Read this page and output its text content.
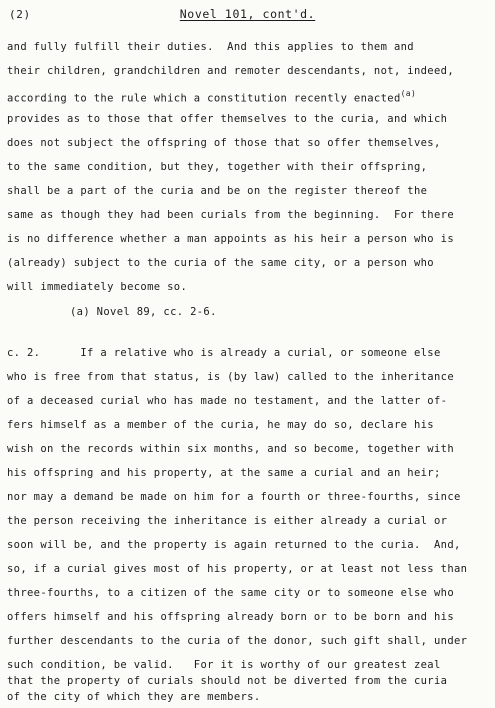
(2)	Novel 101, cont'd.
and fully fulfill their duties.  And this applies to them and
their children, grandchildren and remoter descendants, not, indeed,
according to the rule which a constitution recently enacted$^{(a)}$
provides as to those that offer themselves to the curia, and which
does not subject the offspring of those that so offer themselves,
to the same condition, but they, together with their offspring,
shall be a part of the curia and be on the register thereof the
same as though they had been curials from the beginning.  For there
is no difference whether a man appoints as his heir a person who is
(already) subject to the curia of the same city, or a person who
will immediately become so.
(a) Novel 89, cc. 2-6.
c. 2.      If a relative who is already a curial, or someone else
who is free from that status, is (by law) called to the inheritance
of a deceased curial who has made no testament, and the latter of-
fers himself as a member of the curia, he may do so, declare his
wish on the records within six months, and so become, together with
his offspring and his property, at the same a curial and an heir;
nor may a demand be made on him for a fourth or three-fourths, since
the person receiving the inheritance is either already a curial or
soon will be, and the property is again returned to the curia.  And,
so, if a curial gives most of his property, or at least not less than
three-fourths, to a citizen of the same city or to someone else who
offers himself and his offspring already born or to be born and his
further descendants to the curia of the donor, such gift shall, under
such condition, be valid.   For it is worthy of our greatest zeal
that the property of curials should not be diverted from the curia
of the city of which they are members.
